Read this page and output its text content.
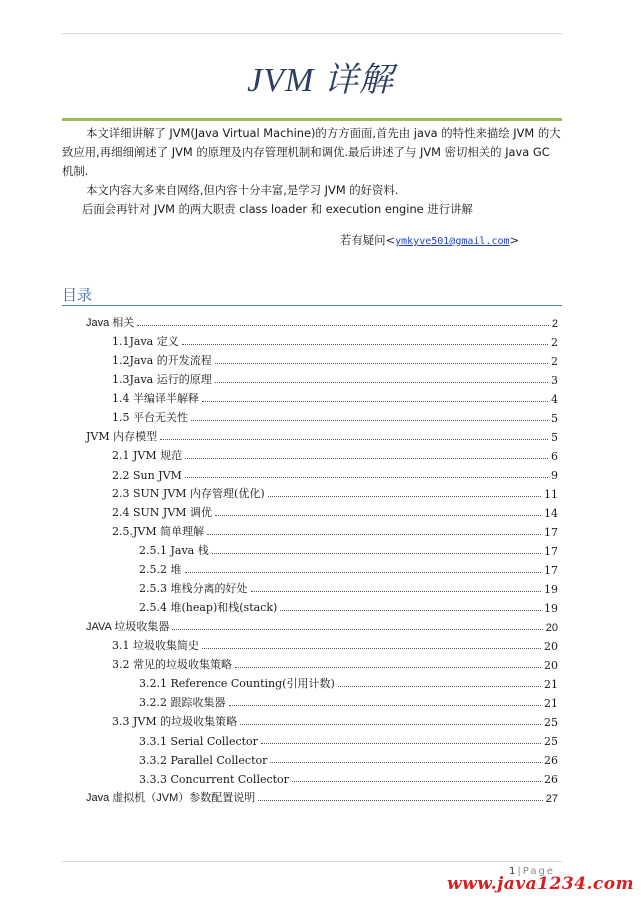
JVM 详解

本文详细讲解了 JVM(Java Virtual Machine)的方方面面,首先由 java 的特性来描绘 JVM 的大致应用,再细细阐述了 JVM 的原理及内存管理机制和调优.最后讲述了与 JVM 密切相关的 Java GC 机制.

本文内容大多来自网络,但内容十分丰富,是学习 JVM 的好资料.

后面会再针对 JVM 的两大职责 class loader 和 execution engine 进行讲解

若有疑问<ymkyve501@gmail.com>
目录
Java 相关	2
1.1Java 定义	2
1.2Java 的开发流程	2
1.3Java 运行的原理	3
1.4 半编译半解释	4
1.5 平台无关性	5
JVM 内存模型	5
2.1 JVM 规范	6
2.2 Sun JVM	9
2.3 SUN JVM 内存管理(优化)	11
2.4 SUN JVM 调优	14
2.5.JVM 简单理解	17
2.5.1 Java 栈	17
2.5.2 堆	17
2.5.3 堆栈分离的好处	19
2.5.4 堆(heap)和栈(stack)	19
JAVA 垃圾收集器	20
3.1 垃圾收集简史	20
3.2 常见的垃圾收集策略	20
3.2.1 Reference Counting(引用计数)	21
3.2.2 跟踪收集器	21
3.3 JVM 的垃圾收集策略	25
3.3.1 Serial Collector	25
3.3.2 Parallel Collector	26
3.3.3 Concurrent Collector	26
Java 虚拟机（JVM）参数配置说明	27
1 | Page
www.java1234.com
